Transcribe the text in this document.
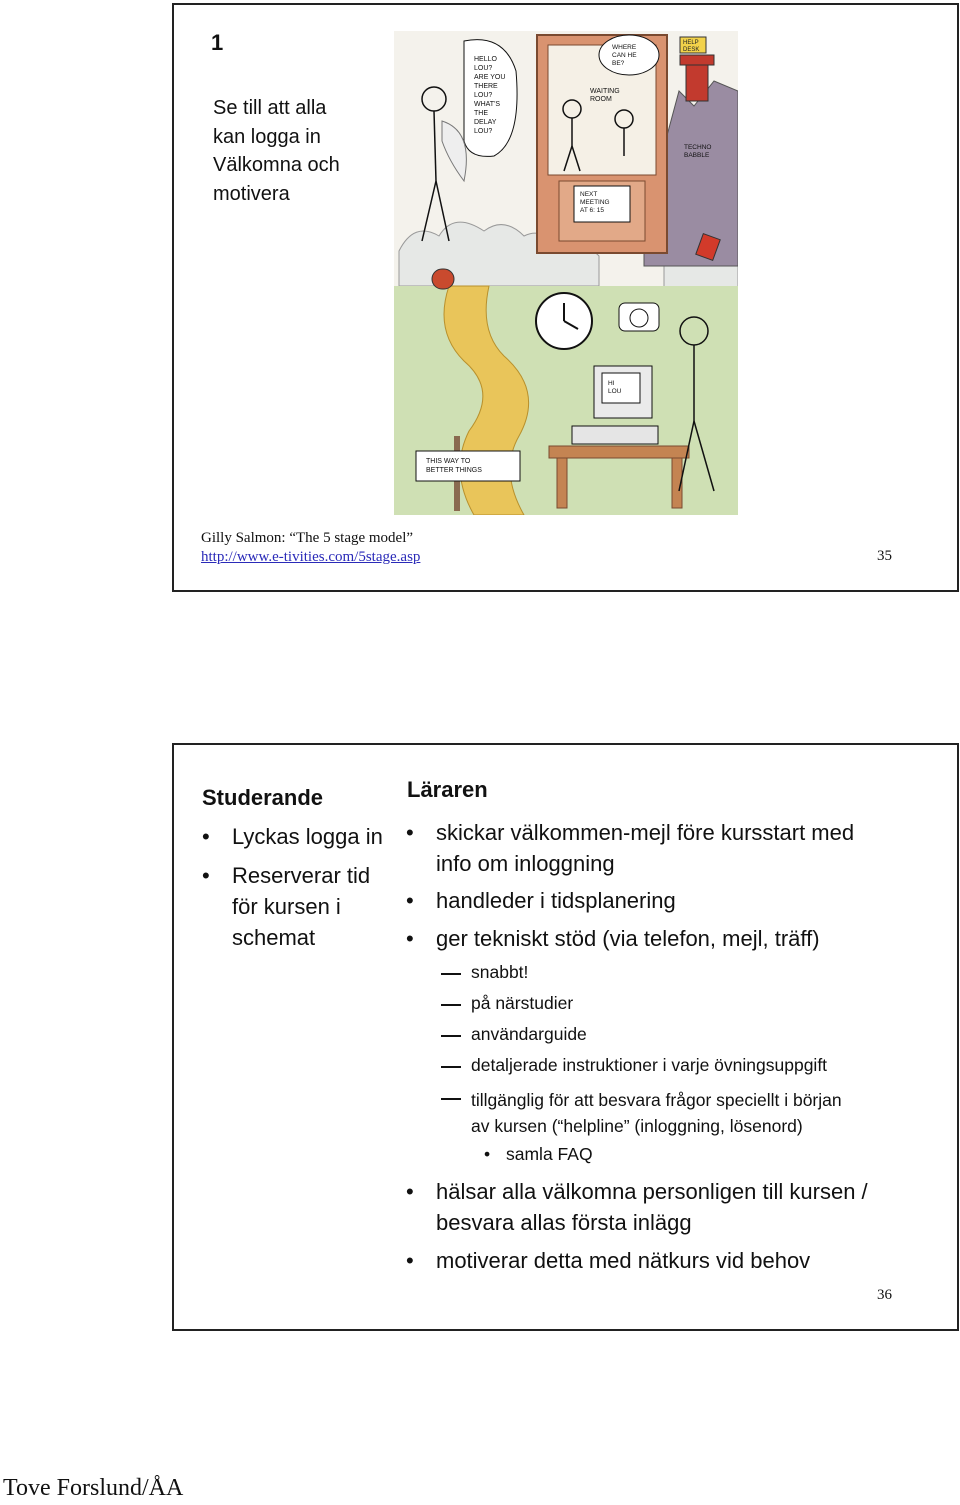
1
Se till att alla
kan logga in
Välkomna och
motivera
HELP DESK
TECHNO BABBLE
WAITING ROOM
WHERE CAN HE BE?
NEXT MEETING AT 6: 15
HELLO LOU? ARE YOU THERE LOU? WHAT'S THE DELAY LOU?
HI LOU
THIS WAY TO BETTER THINGS
Gilly Salmon: “The 5 stage model”
http://www.e-tivities.com/5stage.asp	35
Studerande
• Lyckas logga in
• Reserverar tid
för kursen i
schemat
Läraren
• skickar välkommen-mejl före kursstart med
info om inloggning
• handleder i tidsplanering
• ger tekniskt stöd (via telefon, mejl, träff)
snabbt!
på närstudier
användarguide
detaljerade instruktioner i varje övningsuppgift
tillgänglig för att besvara frågor speciellt i början
av kursen (“helpline” (inloggning, lösenord)
• samla FAQ
• hälsar alla välkomna personligen till kursen /
besvara allas första inlägg
• motiverar detta med nätkurs vid behov
36
Tove Forslund/ÅA
